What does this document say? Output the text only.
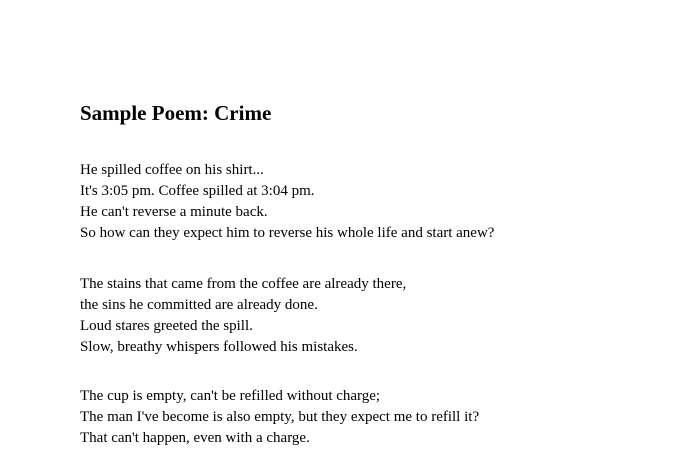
Sample Poem: Crime

He spilled coffee on his shirt...
It's 3:05 pm. Coffee spilled at 3:04 pm.
He can't reverse a minute back.
So how can they expect him to reverse his whole life and start anew?

The stains that came from the coffee are already there,
the sins he committed are already done.
Loud stares greeted the spill.
Slow, breathy whispers followed his mistakes.

The cup is empty, can't be refilled without charge;
The man I've become is also empty, but they expect me to refill it?
That can't happen, even with a charge.
